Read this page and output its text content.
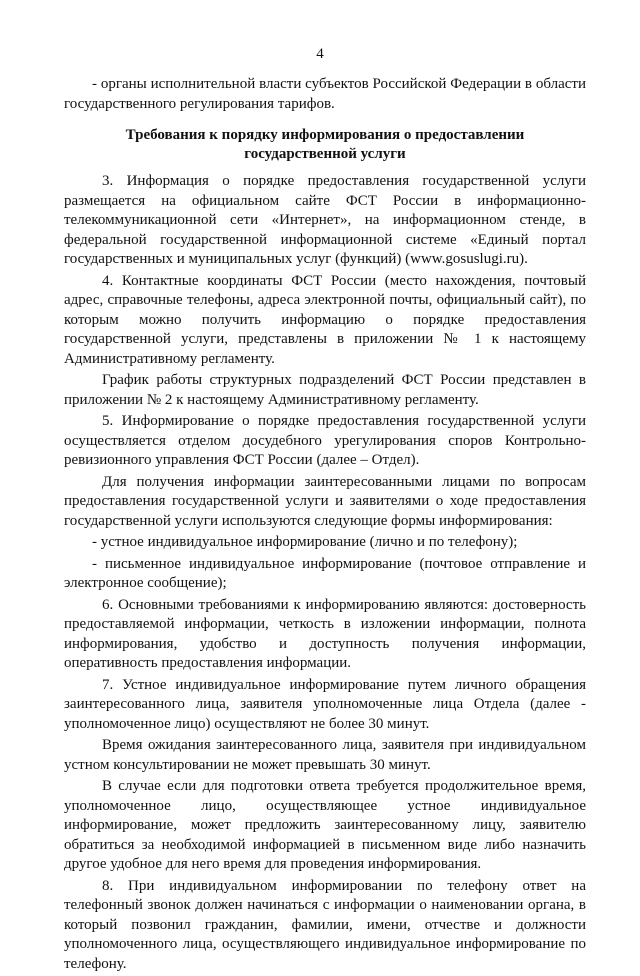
4

- органы исполнительной власти субъектов Российской Федерации в области государственного регулирования тарифов.

Требования к порядку информирования о предоставлении
государственной услуги

3. Информация о порядке предоставления государственной услуги размещается на официальном сайте ФСТ России в информационно-телекоммуникационной сети «Интернет», на информационном стенде, в федеральной государственной информационной системе «Единый портал государственных и муниципальных услуг (функций) (www.gosuslugi.ru).

4. Контактные координаты ФСТ России (место нахождения, почтовый адрес, справочные телефоны, адреса электронной почты, официальный сайт), по которым можно получить информацию о порядке предоставления государственной услуги, представлены в приложении № 1 к настоящему Административному регламенту.

График работы структурных подразделений ФСТ России представлен в приложении № 2 к настоящему Административному регламенту.

5. Информирование о порядке предоставления государственной услуги осуществляется отделом досудебного урегулирования споров Контрольно-ревизионного управления ФСТ России (далее – Отдел).

Для получения информации заинтересованными лицами по вопросам предоставления государственной услуги и заявителями о ходе предоставления государственной услуги используются следующие формы информирования:

- устное индивидуальное информирование (лично и по телефону);

- письменное индивидуальное информирование (почтовое отправление и электронное сообщение);

6. Основными требованиями к информированию являются: достоверность предоставляемой информации, четкость в изложении информации, полнота информирования, удобство и доступность получения информации, оперативность предоставления информации.

7. Устное индивидуальное информирование путем личного обращения заинтересованного лица, заявителя уполномоченные лица Отдела (далее - уполномоченное лицо) осуществляют не более 30 минут.

Время ожидания заинтересованного лица, заявителя при индивидуальном устном консультировании не может превышать 30 минут.

В случае если для подготовки ответа требуется продолжительное время, уполномоченное лицо, осуществляющее устное индивидуальное информирование, может предложить заинтересованному лицу, заявителю обратиться за необходимой информацией в письменном виде либо назначить другое удобное для него время для проведения информирования.

8. При индивидуальном информировании по телефону ответ на телефонный звонок должен начинаться с информации о наименовании органа, в который позвонил гражданин, фамилии, имени, отчестве и должности уполномоченного лица, осуществляющего индивидуальное информирование по телефону.
